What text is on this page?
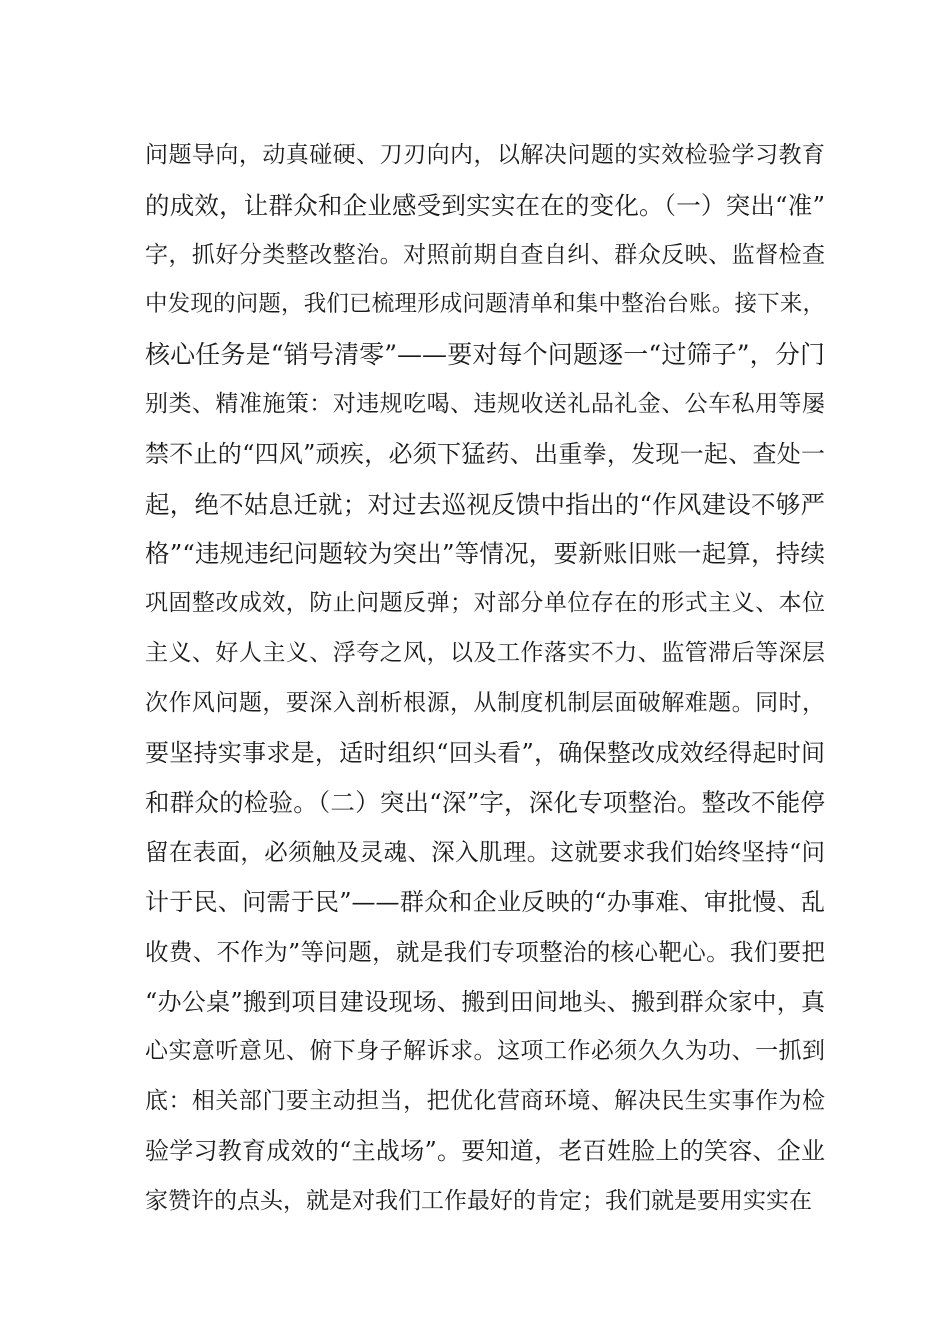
问题导向，动真碰硬、刀刃向内，以解决问题的实效检验学习教育
的成效，让群众和企业感受到实实在在的变化。（一）突出“准”
字，抓好分类整改整治。对照前期自查自纠、群众反映、监督检查
中发现的问题，我们已梳理形成问题清单和集中整治台账。接下来，
核心任务是“销号清零”——要对每个问题逐一“过筛子”，分门
别类、精准施策：对违规吃喝、违规收送礼品礼金、公车私用等屡
禁不止的“四风”顽疾，必须下猛药、出重拳，发现一起、查处一
起，绝不姑息迁就；对过去巡视反馈中指出的“作风建设不够严
格”“违规违纪问题较为突出”等情况，要新账旧账一起算，持续
巩固整改成效，防止问题反弹；对部分单位存在的形式主义、本位
主义、好人主义、浮夸之风，以及工作落实不力、监管滞后等深层
次作风问题，要深入剖析根源，从制度机制层面破解难题。同时，
要坚持实事求是，适时组织“回头看”，确保整改成效经得起时间
和群众的检验。（二）突出“深”字，深化专项整治。整改不能停
留在表面，必须触及灵魂、深入肌理。这就要求我们始终坚持“问
计于民、问需于民”——群众和企业反映的“办事难、审批慢、乱
收费、不作为”等问题，就是我们专项整治的核心靶心。我们要把
“办公桌”搬到项目建设现场、搬到田间地头、搬到群众家中，真
心实意听意见、俯下身子解诉求。这项工作必须久久为功、一抓到
底：相关部门要主动担当，把优化营商环境、解决民生实事作为检
验学习教育成效的“主战场”。要知道，老百姓脸上的笑容、企业
家赞许的点头，就是对我们工作最好的肯定；我们就是要用实实在
